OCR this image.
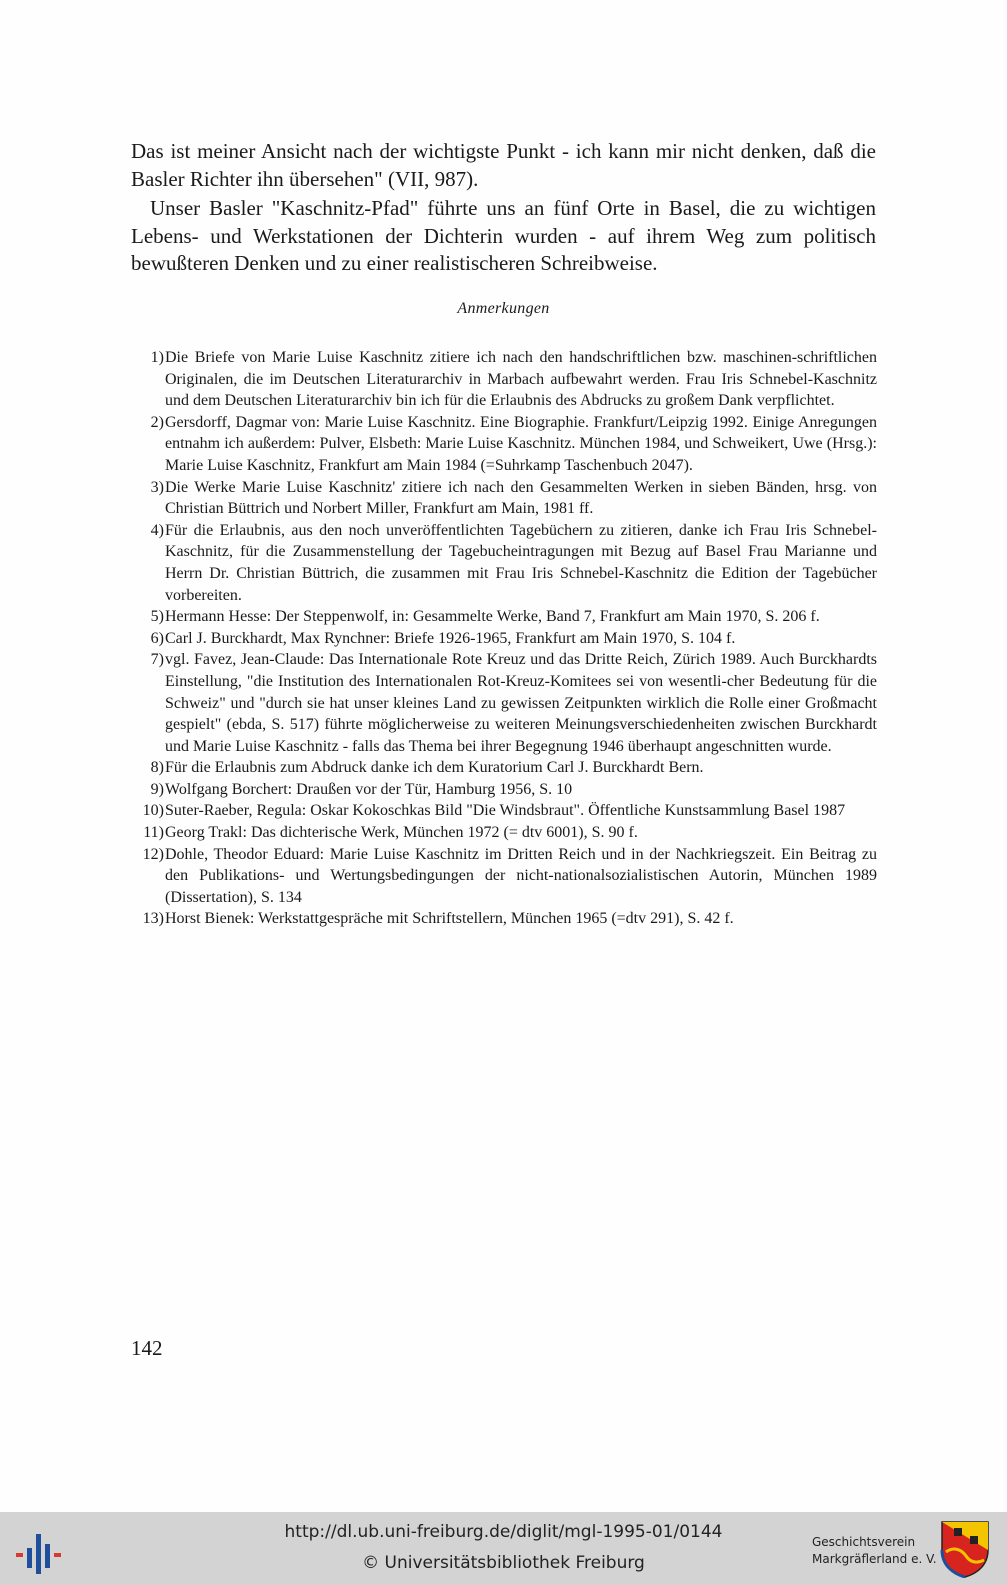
Das ist meiner Ansicht nach der wichtigste Punkt - ich kann mir nicht denken, daß die Basler Richter ihn übersehen" (VII, 987).

Unser Basler "Kaschnitz-Pfad" führte uns an fünf Orte in Basel, die zu wichtigen Lebens- und Werkstationen der Dichterin wurden - auf ihrem Weg zum politisch bewußteren Denken und zu einer realistischeren Schreibweise.

Anmerkungen
1) Die Briefe von Marie Luise Kaschnitz zitiere ich nach den handschriftlichen bzw. maschinen-schriftlichen Originalen, die im Deutschen Literaturarchiv in Marbach aufbewahrt werden. Frau Iris Schnebel-Kaschnitz und dem Deutschen Literaturarchiv bin ich für die Erlaubnis des Abdrucks zu großem Dank verpflichtet.
2) Gersdorff, Dagmar von: Marie Luise Kaschnitz. Eine Biographie. Frankfurt/Leipzig 1992. Einige Anregungen entnahm ich außerdem: Pulver, Elsbeth: Marie Luise Kaschnitz. München 1984, und Schweikert, Uwe (Hrsg.): Marie Luise Kaschnitz, Frankfurt am Main 1984 (=Suhrkamp Taschenbuch 2047).
3) Die Werke Marie Luise Kaschnitz' zitiere ich nach den Gesammelten Werken in sieben Bänden, hrsg. von Christian Büttrich und Norbert Miller, Frankfurt am Main, 1981 ff.
4) Für die Erlaubnis, aus den noch unveröffentlichten Tagebüchern zu zitieren, danke ich Frau Iris Schnebel-Kaschnitz, für die Zusammenstellung der Tagebucheintragungen mit Bezug auf Basel Frau Marianne und Herrn Dr. Christian Büttrich, die zusammen mit Frau Iris Schnebel-Kaschnitz die Edition der Tagebücher vorbereiten.
5) Hermann Hesse: Der Steppenwolf, in: Gesammelte Werke, Band 7, Frankfurt am Main 1970, S. 206 f.
6) Carl J. Burckhardt, Max Rynchner: Briefe 1926-1965, Frankfurt am Main 1970, S. 104 f.
7) vgl. Favez, Jean-Claude: Das Internationale Rote Kreuz und das Dritte Reich, Zürich 1989. Auch Burckhardts Einstellung, "die Institution des Internationalen Rot-Kreuz-Komitees sei von wesentli-cher Bedeutung für die Schweiz" und "durch sie hat unser kleines Land zu gewissen Zeitpunkten wirklich die Rolle einer Großmacht gespielt" (ebda, S. 517) führte möglicherweise zu weiteren Meinungsverschiedenheiten zwischen Burckhardt und Marie Luise Kaschnitz - falls das Thema bei ihrer Begegnung 1946 überhaupt angeschnitten wurde.
8) Für die Erlaubnis zum Abdruck danke ich dem Kuratorium Carl J. Burckhardt Bern.
9) Wolfgang Borchert: Draußen vor der Tür, Hamburg 1956, S. 10
10) Suter-Raeber, Regula: Oskar Kokoschkas Bild "Die Windsbraut". Öffentliche Kunstsammlung Basel 1987
11) Georg Trakl: Das dichterische Werk, München 1972 (= dtv 6001), S. 90 f.
12) Dohle, Theodor Eduard: Marie Luise Kaschnitz im Dritten Reich und in der Nachkriegszeit. Ein Beitrag zu den Publikations- und Wertungsbedingungen der nicht-nationalsozialistischen Autorin, München 1989 (Dissertation), S. 134
13) Horst Bienek: Werkstattgespräche mit Schriftstellern, München 1965 (=dtv 291), S. 42 f.
142
http://dl.ub.uni-freiburg.de/diglit/mgl-1995-01/0144
© Universitätsbibliothek Freiburg
Geschichtsverein
Markgräflerland e. V.
